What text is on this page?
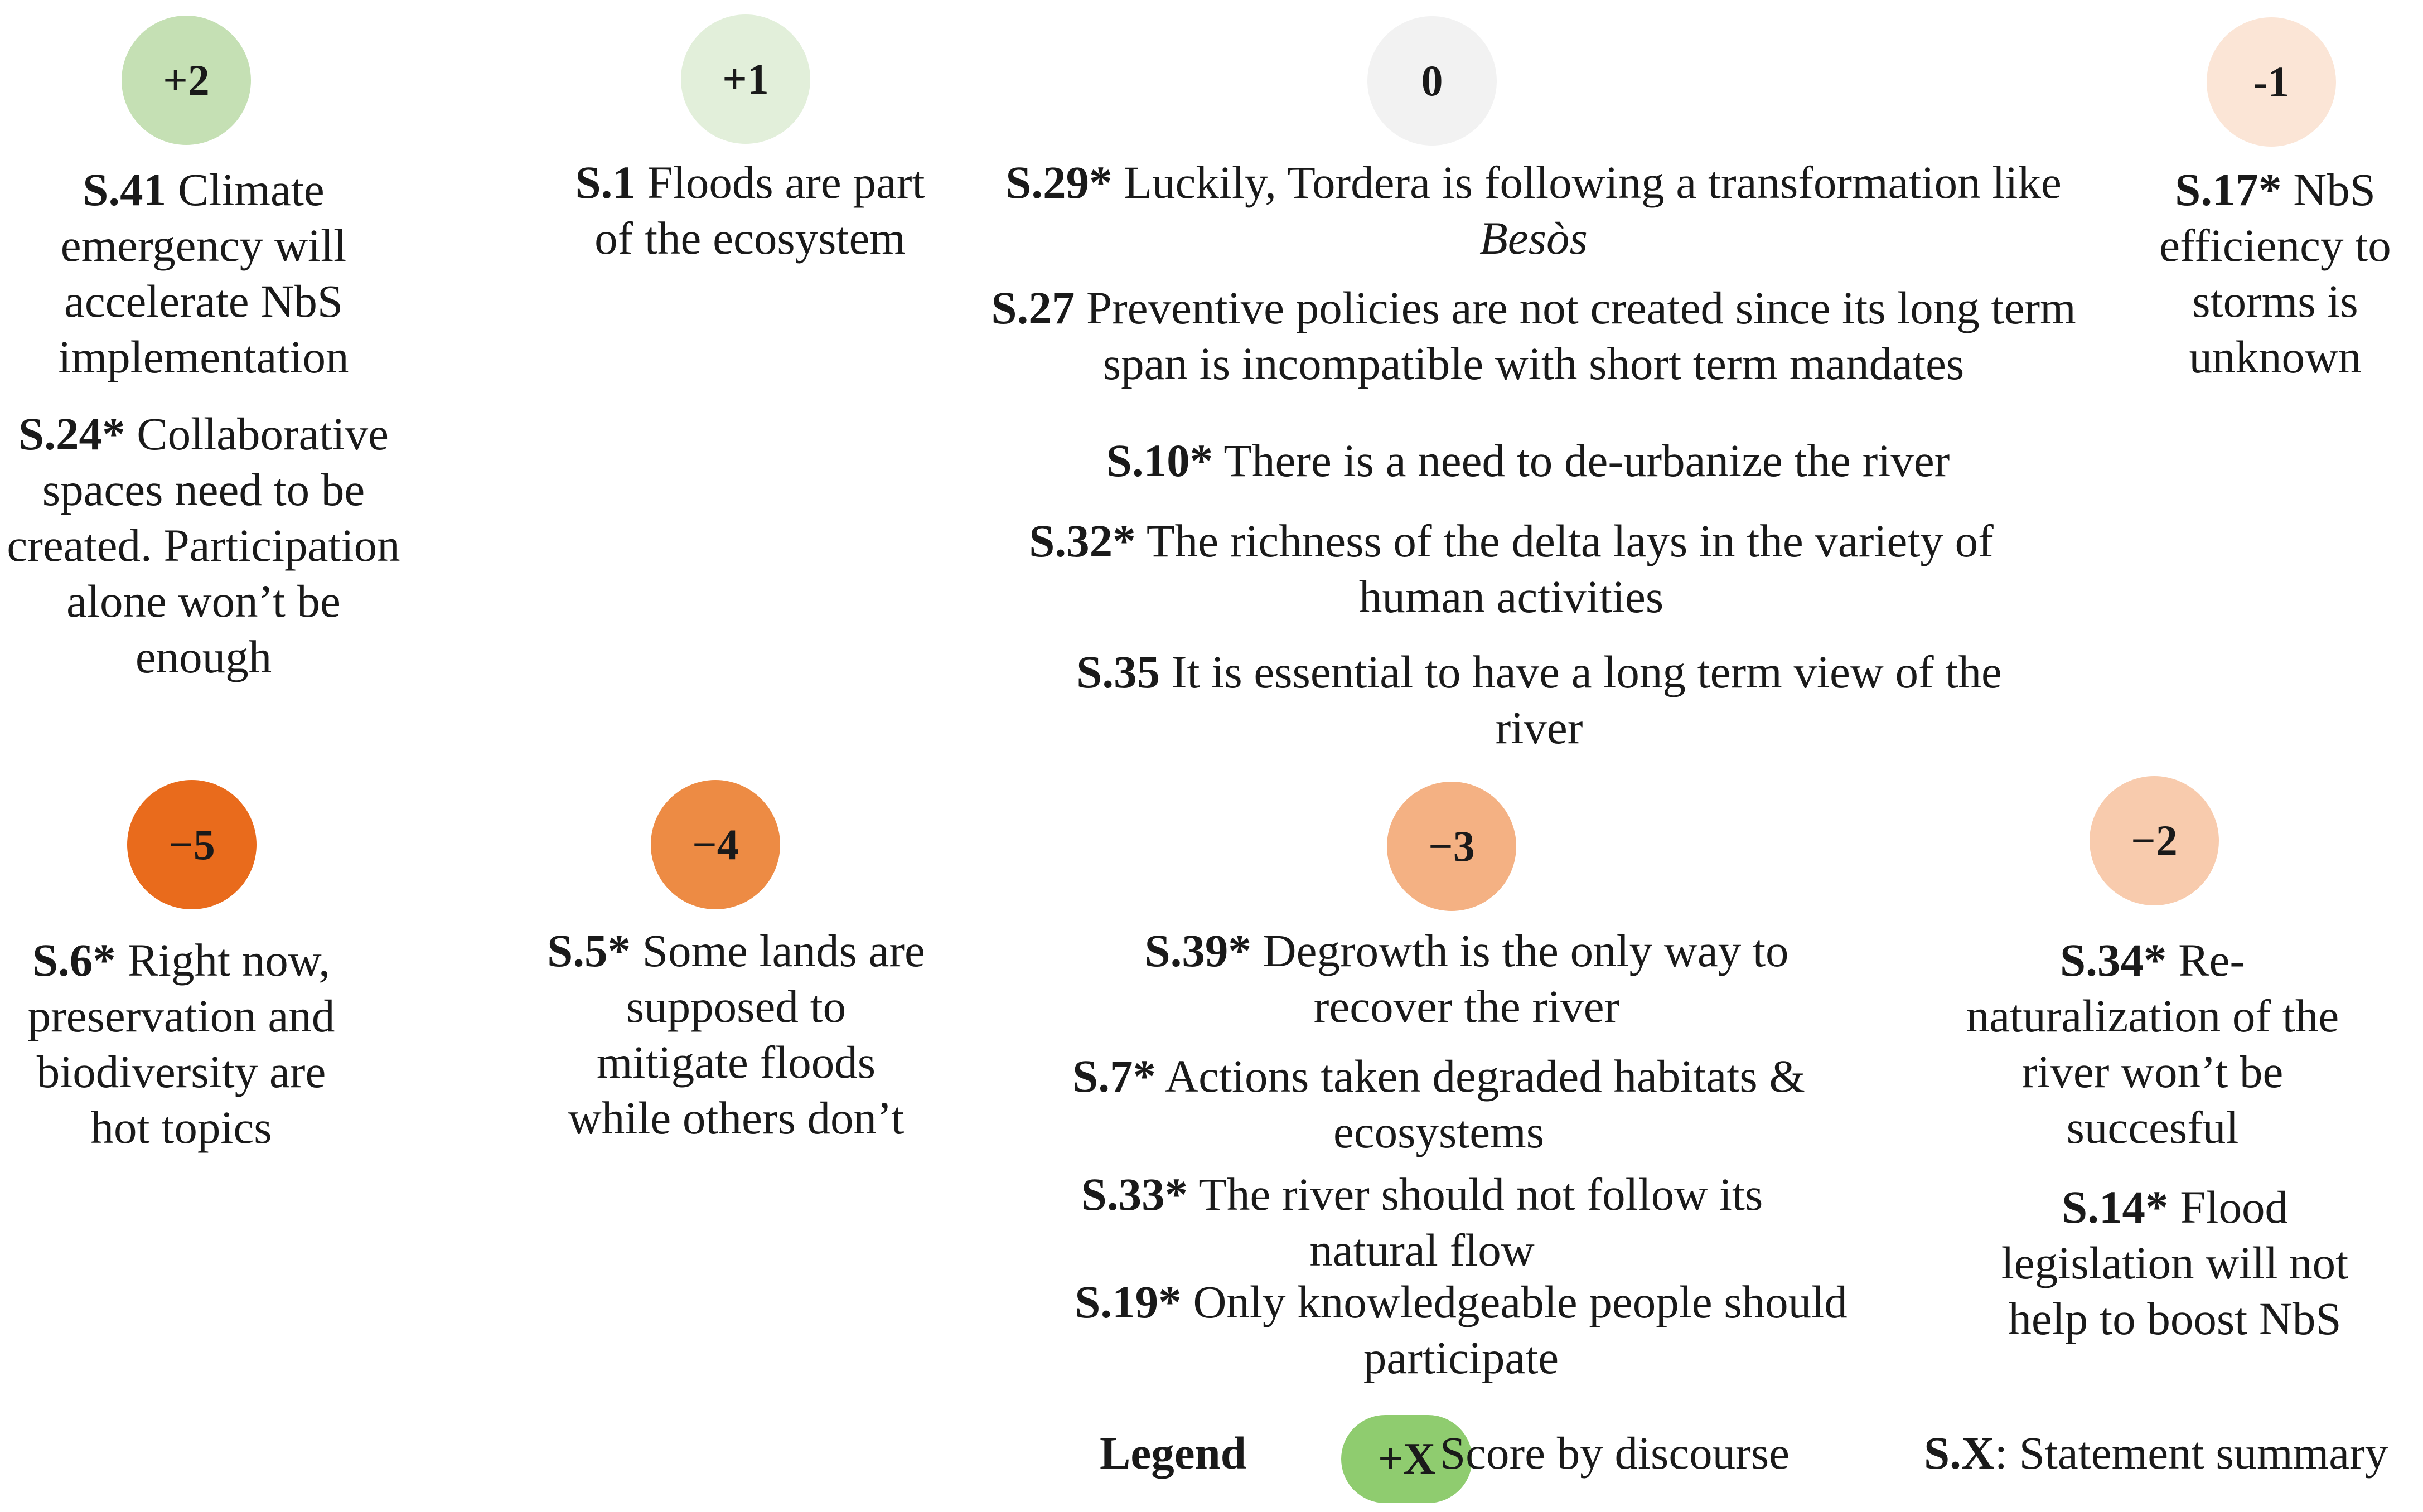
+2	+1	0	-1
−5	−4	−3	−2
S.41 Climate emergency will accelerate NbS implementation
S.24* Collaborative spaces need to be created. Participation alone won’t be enough
S.1 Floods are part of the ecosystem
S.29* Luckily, Tordera is following a transformation like Besòs
S.27 Preventive policies are not created since its long term span is incompatible with short term mandates
S.10* There is a need to de-urbanize the river
S.32* The richness of the delta lays in the variety of human activities
S.35 It is essential to have a long term view of the river
S.17* NbS efficiency to storms is unknown
S.6* Right now, preservation and biodiversity are hot topics
S.5* Some lands are supposed to mitigate floods while others don’t
S.39* Degrowth is the only way to recover the river
S.7* Actions taken degraded habitats & ecosystems
S.33* The river should not follow its natural flow
S.19* Only knowledgeable people should participate
S.34* Re-naturalization of the river won’t be succesful
S.14* Flood legislation will not help to boost NbS
Legend	+X Score by discourse	S.X: Statement summary
